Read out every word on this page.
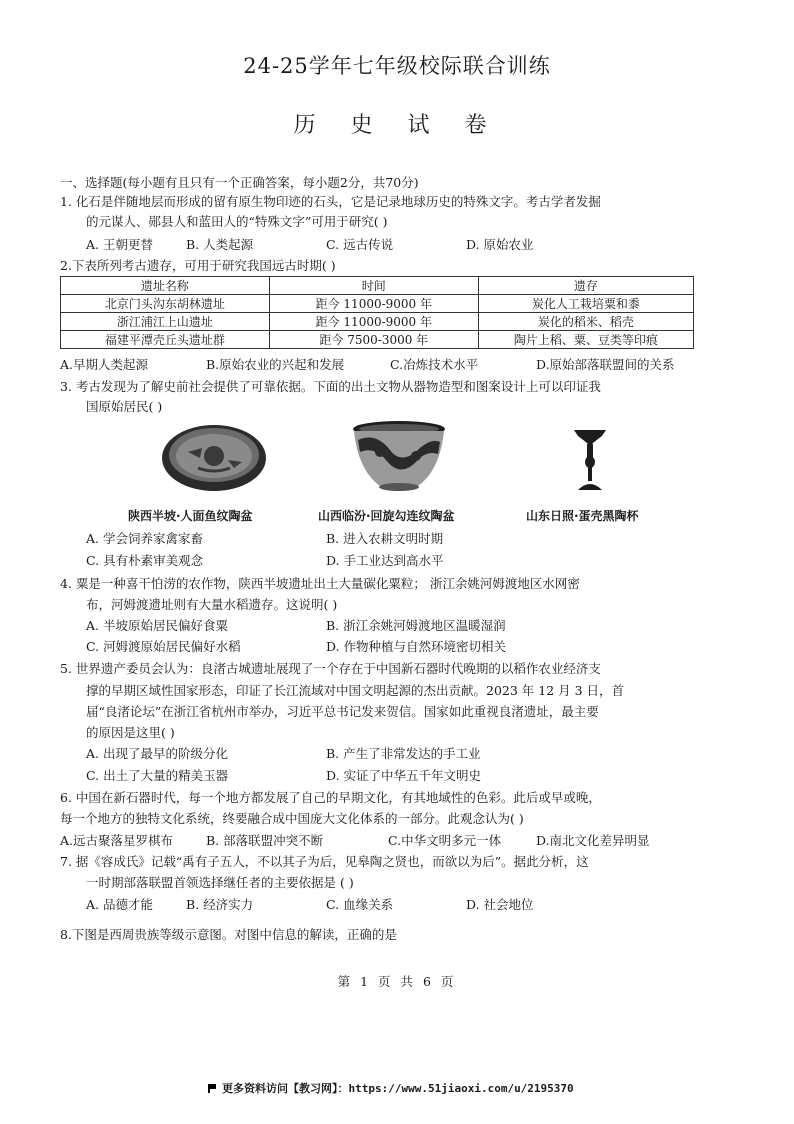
24-25学年七年级校际联合训练
历 史 试 卷
一、选择题(每小题有且只有一个正确答案，每小题2分，共70分)
1. 化石是伴随地层而形成的留有原生物印迹的石头，它是记录地球历史的特殊文字。考古学者发掘
的元谋人、郧县人和蓝田人的“特殊文字”可用于研究( )
A. 王朝更替	B. 人类起源	C. 远古传说	D. 原始农业
2.下表所列考古遗存，可用于研究我国远古时期( )
遗址名称	时间	遗存
北京门头沟东胡林遗址	距今 11000-9000 年	炭化人工栽培粟和黍
浙江浦江上山遗址	距今 11000-9000 年	炭化的稻米、稻壳
福建平潭壳丘头遗址群	距今 7500-3000 年	陶片上稻、粟、豆类等印痕
A.早期人类起源	B.原始农业的兴起和发展	C.冶炼技术水平	D.原始部落联盟间的关系
3. 考古发现为了解史前社会提供了可靠依据。下面的出土文物从器物造型和图案设计上可以印证我
国原始居民( )
陕西半坡·人面鱼纹陶盆	山西临汾·回旋勾连纹陶盆	山东日照·蛋壳黑陶杯
A. 学会饲养家禽家畜	B. 进入农耕文明时期
C. 具有朴素审美观念	D. 手工业达到高水平
4. 粟是一种喜干怕涝的农作物，陕西半坡遗址出土大量碳化粟粒； 浙江余姚河姆渡地区水网密
布，河姆渡遗址则有大量水稻遗存。这说明( )
A. 半坡原始居民偏好食粟	B. 浙江余姚河姆渡地区温暖湿润
C. 河姆渡原始居民偏好水稻	D. 作物种植与自然环境密切相关
5. 世界遗产委员会认为：良渚古城遗址展现了一个存在于中国新石器时代晚期的以稻作农业经济支
撑的早期区域性国家形态，印证了长江流域对中国文明起源的杰出贡献。2023 年 12 月 3 日，首
届“良渚论坛”在浙江省杭州市举办，习近平总书记发来贺信。国家如此重视良渚遗址，最主要
的原因是这里( )
A. 出现了最早的阶级分化	B. 产生了非常发达的手工业
C. 出土了大量的精美玉器	D. 实证了中华五千年文明史
6. 中国在新石器时代，每一个地方都发展了自己的早期文化，有其地域性的色彩。此后或早或晚，
每一个地方的独特文化系统，终要融合成中国庞大文化体系的一部分。此观念认为( )
A.远古聚落星罗棋布	B. 部落联盟冲突不断	C.中华文明多元一体	D.南北文化差异明显
7. 据《容成氏》记载“禹有子五人，不以其子为后，见皋陶之贤也，而欲以为后”。据此分析，这
一时期部落联盟首领选择继任者的主要依据是 ( )
A. 品德才能	B. 经济实力	C. 血缘关系	D. 社会地位
8.下图是西周贵族等级示意图。对图中信息的解读，正确的是
第 1 页 共 6 页
更多资料访问【教习网】：https://www.51jiaoxi.com/u/2195370
